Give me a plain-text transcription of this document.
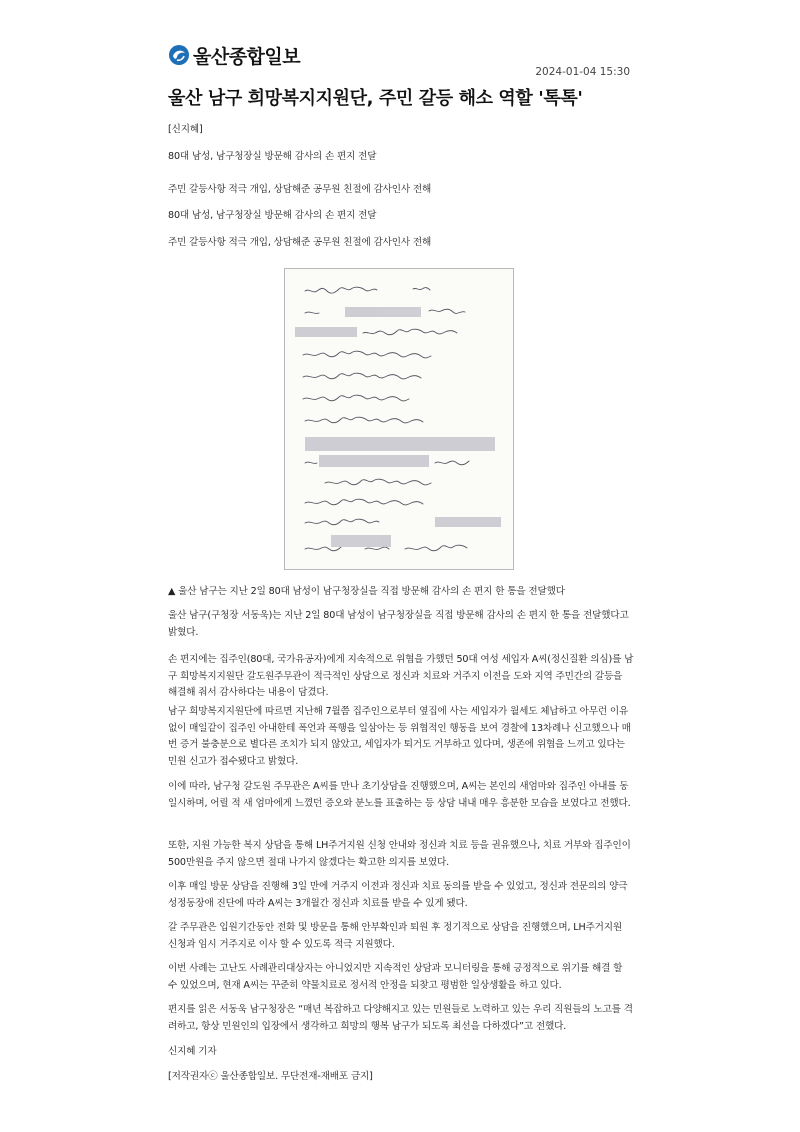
울산종합일보
2024-01-04 15:30
울산 남구 희망복지지원단, 주민 갈등 해소 역할 '톡톡'

[신지혜]

80대 남성, 남구청장실 방문해 감사의 손 편지 전달

주민 갈등사항 적극 개입, 상담해준 공무원 친절에 감사인사 전해

80대 남성, 남구청장실 방문해 감사의 손 편지 전달

주민 갈등사항 적극 개입, 상담해준 공무원 친절에 감사인사 전해

▲ 울산 남구는 지난 2일 80대 남성이 남구청장실을 직접 방문해 감사의 손 편지 한 통을 전달했다

울산 남구(구청장 서동욱)는 지난 2일 80대 남성이 남구청장실을 직접 방문해 감사의 손 편지 한 통을 전달했다고 밝혔다.

손 편지에는 집주인(80대, 국가유공자)에게 지속적으로 위협을 가했던 50대 여성 세입자 A씨(정신질환 의심)를 남구 희망복지지원단 갈도원주무관이 적극적인 상담으로 정신과 치료와 거주지 이전을 도와 지역 주민간의 갈등을 해결해 줘서 감사하다는 내용이 담겼다.

남구 희망복지지원단에 따르면 지난해 7월쯤 집주인으로부터 옆집에 사는 세입자가 월세도 체납하고 아무런 이유없이 매일같이 집주인 아내한테 폭언과 폭행을 일삼아는 등 위협적인 행동을 보여 경찰에 13차례나 신고했으나 매번 증거 불충분으로 별다른 조치가 되지 않았고, 세입자가 퇴거도 거부하고 있다며, 생존에 위협을 느끼고 있다는 민원 신고가 접수됐다고 밝혔다.

이에 따라, 남구청 갈도원 주무관은 A씨를 만나 초기상담을 진행했으며, A씨는 본인의 새엄마와 집주인 아내를 동일시하며, 어릴 적 새 엄마에게 느꼈던 증오와 분노를 표출하는 등 상담 내내 매우 흥분한 모습을 보였다고 전했다.

또한, 지원 가능한 복지 상담을 통해 LH주거지원 신청 안내와 정신과 치료 등을 권유했으나, 치료 거부와 집주인이 500만원을 주지 않으면 절대 나가지 않겠다는 확고한 의지를 보였다.

이후 매일 방문 상담을 진행해 3일 만에 거주지 이전과 정신과 치료 동의를 받을 수 있었고, 정신과 전문의의 양극성정동장애 진단에 따라 A씨는 3개월간 정신과 치료를 받을 수 있게 됐다.

갈 주무관은 입원기간동안 전화 및 방문을 통해 안부확인과 퇴원 후 정기적으로 상담을 진행했으며, LH주거지원 신청과 임시 거주지로 이사 할 수 있도록 적극 지원했다.

이번 사례는 고난도 사례관리대상자는 아니었지만 지속적인 상담과 모니터링을 통해 긍정적으로 위기를 해결 할 수 있었으며, 현재 A씨는 꾸준히 약물치료로 정서적 안정을 되찾고 평범한 일상생활을 하고 있다.

편지를 읽은 서동욱 남구청장은 “매년 복잡하고 다양해지고 있는 민원들로 노력하고 있는 우리 직원들의 노고를 격려하고, 항상 민원인의 입장에서 생각하고 희망의 행복 남구가 되도록 최선을 다하겠다”고 전했다.

신지혜 기자

[저작권자ⓒ 울산종합일보. 무단전재-재배포 금지]
